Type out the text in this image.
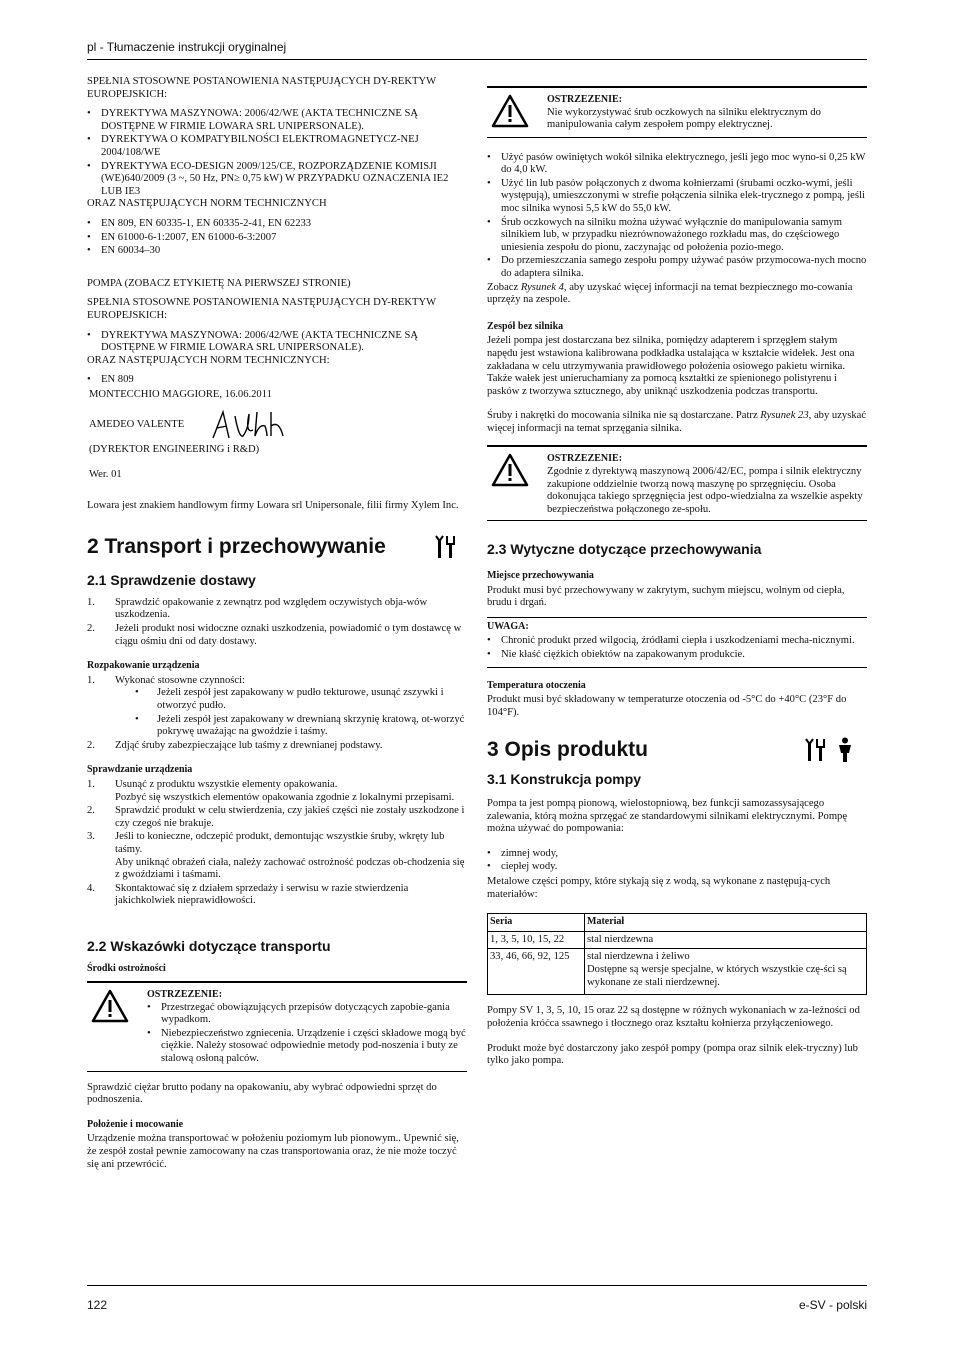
pl - Tłumaczenie instrukcji oryginalnej

SPEŁNIA STOSOWNE POSTANOWIENIA NASTĘPUJĄCYCH DY-REKTYW EUROPEJSKICH:

• DYREKTYWA MASZYNOWA: 2006/42/WE (AKTA TECHNICZNE SĄ DOSTĘPNE W FIRMIE LOWARA SRL UNIPERSONALE).
• DYREKTYWA O KOMPATYBILNOŚCI ELEKTROMAGNETYCZ-NEJ 2004/108/WE
• DYREKTYWA ECO-DESIGN 2009/125/CE, ROZPORZĄDZENIE KOMISJI (WE)640/2009 (3 ~, 50 Hz, PN≥ 0,75 kW) W PRZYPADKU OZNACZENIA IE2 LUB IE3

ORAZ NASTĘPUJĄCYCH NORM TECHNICZNYCH

• EN 809, EN 60335-1, EN 60335-2-41, EN 62233
• EN 61000-6-1:2007, EN 61000-6-3:2007
• EN 60034–30

POMPA (ZOBACZ ETYKIETĘ NA PIERWSZEJ STRONIE)

SPEŁNIA STOSOWNE POSTANOWIENIA NASTĘPUJĄCYCH DY-REKTYW EUROPEJSKICH:

• DYREKTYWA MASZYNOWA: 2006/42/WE (AKTA TECHNICZNE SĄ DOSTĘPNE W FIRMIE LOWARA SRL UNIPERSONALE).

ORAZ NASTĘPUJĄCYCH NORM TECHNICZNYCH:

• EN 809

MONTECCHIO MAGGIORE, 16.06.2011

AMEDEO VALENTE

(DYREKTOR ENGINEERING i R&D)

Wer. 01

Lowara jest znakiem handlowym firmy Lowara srl Unipersonale, filii firmy Xylem Inc.

2 Transport i przechowywanie
2.1 Sprawdzenie dostawy
1. Sprawdzić opakowanie z zewnątrz pod względem oczywistych obja-wów uszkodzenia.
2. Jeżeli produkt nosi widoczne oznaki uszkodzenia, powiadomić o tym dostawcę w ciągu ośmiu dni od daty dostawy.
Rozpakowanie urządzenia
1. Wykonać stosowne czynności:
• Jeżeli zespół jest zapakowany w pudło tekturowe, usunąć zszywki i otworzyć pudło.
• Jeżeli zespół jest zapakowany w drewnianą skrzynię kratową, ot-worzyć pokrywę uważając na gwoździe i taśmy.
2. Zdjąć śruby zabezpieczające lub taśmy z drewnianej podstawy.
Sprawdzanie urządzenia
1. Usunąć z produktu wszystkie elementy opakowania.
Pozbyć się wszystkich elementów opakowania zgodnie z lokalnymi przepisami.
2. Sprawdzić produkt w celu stwierdzenia, czy jakieś części nie zostały uszkodzone i czy czegoś nie brakuje.
3. Jeśli to konieczne, odczepić produkt, demontując wszystkie śruby, wkręty lub taśmy.
Aby uniknąć obrażeń ciała, należy zachować ostrożność podczas ob-chodzenia się z gwoździami i taśmami.
4. Skontaktować się z działem sprzedaży i serwisu w razie stwierdzenia jakichkolwiek nieprawidłowości.
2.2 Wskazówki dotyczące transportu
Środki ostrożności
OSTRZEZENIE:
• Przestrzegać obowiązujących przepisów dotyczących zapobie-gania wypadkom.
• Niebezpieczeństwo zgniecenia. Urządzenie i części składowe mogą być ciężkie. Należy stosować odpowiednie metody pod-noszenia i buty ze stalową osłoną palców.

Sprawdzić ciężar brutto podany na opakowaniu, aby wybrać odpowiedni sprzęt do podnoszenia.

Położenie i mocowanie

Urządzenie można transportować w położeniu poziomym lub pionowym.. Upewnić się, że zespół został pewnie zamocowany na czas transportowania oraz, że nie może toczyć się ani przewrócić.

OSTRZEZENIE:
Nie wykorzystywać śrub oczkowych na silniku elektrycznym do manipulowania całym zespołem pompy elektrycznej.
• Użyć pasów owiniętych wokół silnika elektrycznego, jeśli jego moc wyno-si 0,25 kW do 4,0 kW.
• Użyć lin lub pasów połączonych z dwoma kołnierzami (śrubami oczko-wymi, jeśli występują), umieszczonymi w strefie połączenia silnika elek-trycznego z pompą, jeśli moc silnika wynosi 5,5 kW do 55,0 kW.
• Śrub oczkowych na silniku można używać wyłącznie do manipulowania samym silnikiem lub, w przypadku niezrównoważonego rozkładu mas, do częściowego uniesienia zespołu do pionu, zaczynając od położenia pozio-mego.
• Do przemieszczania samego zespołu pompy używać pasów przymocowa-nych mocno do adaptera silnika.

Zobacz Rysunek 4, aby uzyskać więcej informacji na temat bezpiecznego mo-cowania uprzęży na zespole.

Zespół bez silnika

Jeżeli pompa jest dostarczana bez silnika, pomiędzy adapterem i sprzęgłem stałym napędu jest wstawiona kalibrowana podkładka ustalająca w kształcie widełek. Jest ona zakładana w celu utrzymywania prawidłowego położenia osiowego pakietu wirnika. Także wałek jest unieruchamiany za pomocą kształtki ze spienionego polistyrenu i pasków z tworzywa sztucznego, aby uniknąć uszkodzenia podczas transportu.

Śruby i nakrętki do mocowania silnika nie są dostarczane. Patrz Rysunek 23, aby uzyskać więcej informacji na temat sprzęgania silnika.

OSTRZEZENIE:
Zgodnie z dyrektywą maszynową 2006/42/EC, pompa i silnik elektryczny zakupione oddzielnie tworzą nową maszynę po sprzęgnięciu. Osoba dokonująca takiego sprzęgnięcia jest odpo-wiedzialna za wszelkie aspekty bezpieczeństwa połączonego ze-społu.
2.3 Wytyczne dotyczące przechowywania
Miejsce przechowywania

Produkt musi być przechowywany w zakrytym, suchym miejscu, wolnym od ciepła, brudu i drgań.

UWAGA:
• Chronić produkt przed wilgocią, źródłami ciepła i uszkodzeniami mecha-nicznymi.
• Nie kłaść ciężkich obiektów na zapakowanym produkcie.
Temperatura otoczenia

Produkt musi być składowany w temperaturze otoczenia od -5°C do +40°C (23°F do 104°F).

3 Opis produktu
3.1 Konstrukcja pompy

Pompa ta jest pompą pionową, wielostopniową, bez funkcji samozassysającego zalewania, którą można sprzęgać ze standardowymi silnikami elektrycznymi. Pompę można używać do pompowania:

• zimnej wody,
• ciepłej wody.

Metalowe części pompy, które stykają się z wodą, są wykonane z następują-cych materiałów:

Seria	Materiał
1, 3, 5, 10, 15, 22	stal nierdzewna
33, 46, 66, 92, 125	stal nierdzewna i żeliwo
Dostępne są wersje specjalne, w których wszystkie czę-ści są wykonane ze stali nierdzewnej.

Pompy SV 1, 3, 5, 10, 15 oraz 22 są dostępne w różnych wykonaniach w za-leżności od położenia króćca ssawnego i tłocznego oraz kształtu kołnierza przyłączeniowego.

Produkt może być dostarczony jako zespół pompy (pompa oraz silnik elek-tryczny) lub tylko jako pompa.

122	e-SV - polski
